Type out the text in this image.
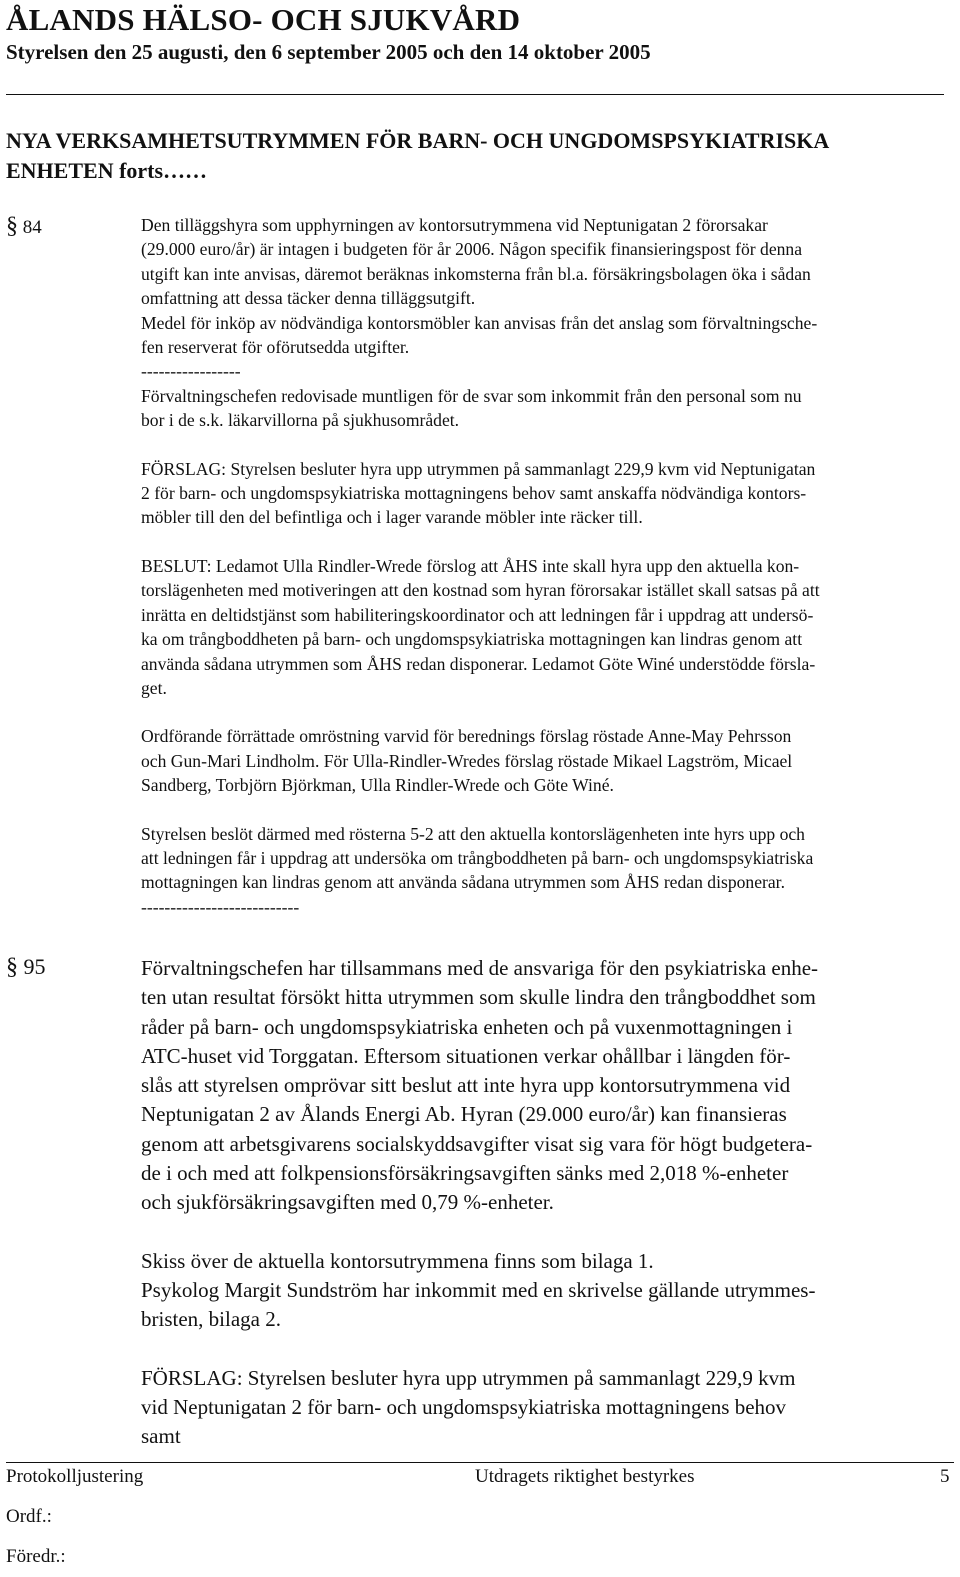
ÅLANDS HÄLSO- OCH SJUKVÅRD
Styrelsen den 25 augusti, den 6 september 2005 och den 14 oktober 2005
NYA VERKSAMHETSUTRYMMEN FÖR BARN- OCH UNGDOMSPSYKIATRISKA
ENHETEN forts……
§ 84	Den tilläggshyra som upphyrningen av kontorsutrymmena vid Neptunigatan 2 förorsakar

(29.000 euro/år) är intagen i budgeten för år 2006. Någon specifik finansieringspost för denna

utgift kan inte anvisas, däremot beräknas inkomsterna från bl.a. försäkringsbolagen öka i sådan

omfattning att dessa täcker denna tilläggsutgift.

Medel för inköp av nödvändiga kontorsmöbler kan anvisas från det anslag som förvaltningsche-

fen reserverat för oförutsedda utgifter.

-----------------

Förvaltningschefen redovisade muntligen för de svar som inkommit från den personal som nu

bor i de s.k. läkarvillorna på sjukhusområdet.

FÖRSLAG: Styrelsen besluter hyra upp utrymmen på sammanlagt 229,9 kvm vid Neptunigatan

2 för barn- och ungdomspsykiatriska mottagningens behov samt anskaffa nödvändiga kontors-

möbler till den del befintliga och i lager varande möbler inte räcker till.

BESLUT: Ledamot Ulla Rindler-Wrede förslog att ÅHS inte skall hyra upp den aktuella kon-

torslägenheten med motiveringen att den kostnad som hyran förorsakar istället skall satsas på att

inrätta en deltidstjänst som habiliteringskoordinator och att ledningen får i uppdrag att undersö-

ka om trångboddheten på barn- och ungdomspsykiatriska mottagningen kan lindras genom att

använda sådana utrymmen som ÅHS redan disponerar. Ledamot Göte Winé understödde försla-

get.

Ordförande förrättade omröstning varvid för berednings förslag röstade Anne-May Pehrsson

och Gun-Mari Lindholm. För Ulla-Rindler-Wredes förslag röstade Mikael Lagström, Micael

Sandberg, Torbjörn Björkman, Ulla Rindler-Wrede och Göte Winé.

Styrelsen beslöt därmed med rösterna 5-2 att den aktuella kontorslägenheten inte hyrs upp och

att ledningen får i uppdrag att undersöka om trångboddheten på barn- och ungdomspsykiatriska

mottagningen kan lindras genom att använda sådana utrymmen som ÅHS redan disponerar.

---------------------------

§ 95	Förvaltningschefen har tillsammans med de ansvariga för den psykiatriska enhe-

ten utan resultat försökt hitta utrymmen som skulle lindra den trångboddhet som

råder på barn- och ungdomspsykiatriska enheten och på vuxenmottagningen i

ATC-huset vid Torggatan. Eftersom situationen verkar ohållbar i längden för-

slås att styrelsen omprövar sitt beslut att inte hyra upp kontorsutrymmena vid

Neptunigatan 2 av Ålands Energi Ab. Hyran (29.000 euro/år) kan finansieras

genom att arbetsgivarens socialskyddsavgifter visat sig vara för högt budgetera-

de i och med att folkpensionsförsäkringsavgiften sänks med 2,018 %-enheter

och sjukförsäkringsavgiften med 0,79 %-enheter.

Skiss över de aktuella kontorsutrymmena finns som bilaga 1.

Psykolog Margit Sundström har inkommit med en skrivelse gällande utrymmes-

bristen, bilaga 2.

FÖRSLAG: Styrelsen besluter hyra upp utrymmen på sammanlagt 229,9 kvm

vid Neptunigatan 2 för barn- och ungdomspsykiatriska mottagningens behov

samt

Protokolljustering	Utdragets riktighet bestyrkes	5
Ordf.:
Föredr.:
